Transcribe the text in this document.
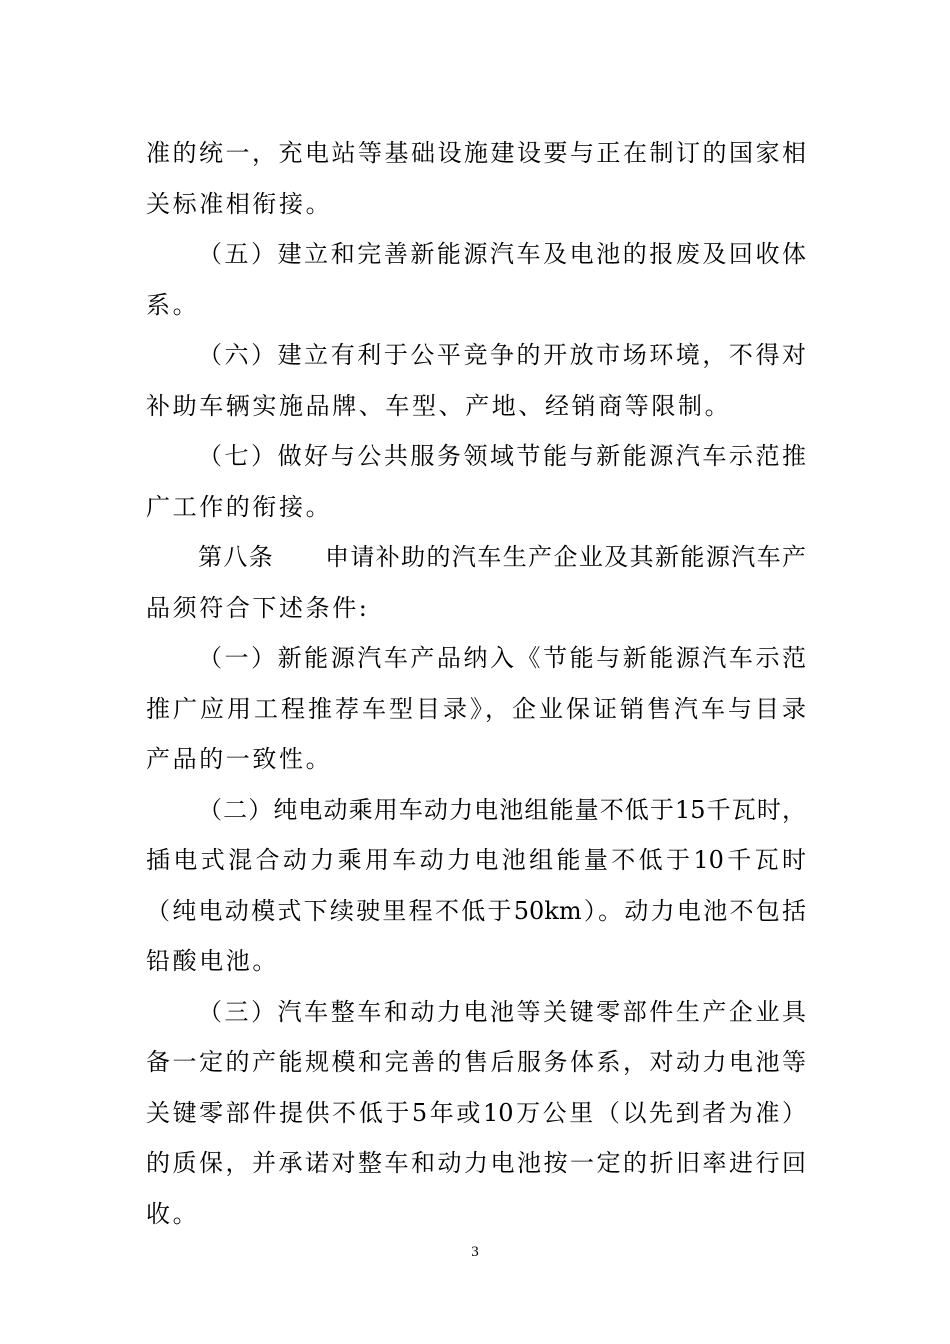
准的统一，充电站等基础设施建设要与正在制订的国家相
关标准相衔接。
（五）建立和完善新能源汽车及电池的报废及回收体
系。
（六）建立有利于公平竞争的开放市场环境，不得对
补助车辆实施品牌、车型、产地、经销商等限制。
（七）做好与公共服务领域节能与新能源汽车示范推
广工作的衔接。
第八条　　申请补助的汽车生产企业及其新能源汽车产
品须符合下述条件:
（一）新能源汽车产品纳入《节能与新能源汽车示范
推广应用工程推荐车型目录》，企业保证销售汽车与目录
产品的一致性。
（二）纯电动乘用车动力电池组能量不低于15千瓦时，
插电式混合动力乘用车动力电池组能量不低于10千瓦时
（纯电动模式下续驶里程不低于50km）。动力电池不包括
铅酸电池。
（三）汽车整车和动力电池等关键零部件生产企业具
备一定的产能规模和完善的售后服务体系，对动力电池等
关键零部件提供不低于5年或10万公里（以先到者为准）
的质保，并承诺对整车和动力电池按一定的折旧率进行回
收。
3
